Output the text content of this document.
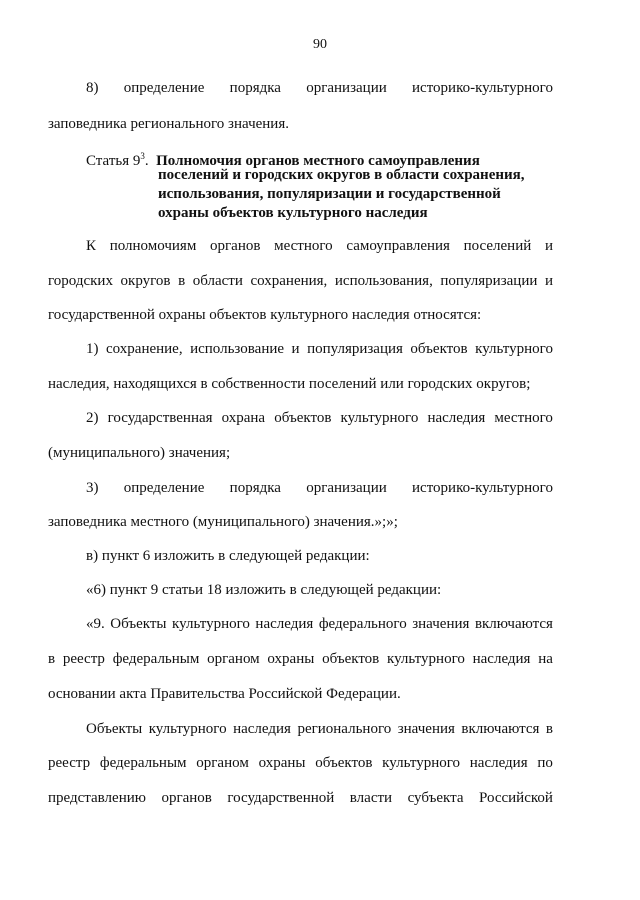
90
8) определение порядка организации историко-культурного
заповедника регионального значения.
Статья $9^3$. Полномочия органов местного самоуправления
поселений и городских округов в области сохранения,
использования, популяризации и государственной
охраны объектов культурного наследия
К полномочиям органов местного самоуправления поселений и
городских округов в области сохранения, использования, популяризации и
государственной охраны объектов культурного наследия относятся:
1) сохранение, использование и популяризация объектов культурного
наследия, находящихся в собственности поселений или городских округов;
2) государственная охрана объектов культурного наследия местного
(муниципального) значения;
3) определение порядка организации историко-культурного
заповедника местного (муниципального) значения.»;»;
в) пункт 6 изложить в следующей редакции:
«6) пункт 9 статьи 18 изложить в следующей редакции:
«9. Объекты культурного наследия федерального значения включаются
в реестр федеральным органом охраны объектов культурного наследия на
основании акта Правительства Российской Федерации.
Объекты культурного наследия регионального значения включаются в
реестр федеральным органом охраны объектов культурного наследия по
представлению органов государственной власти субъекта Российской
